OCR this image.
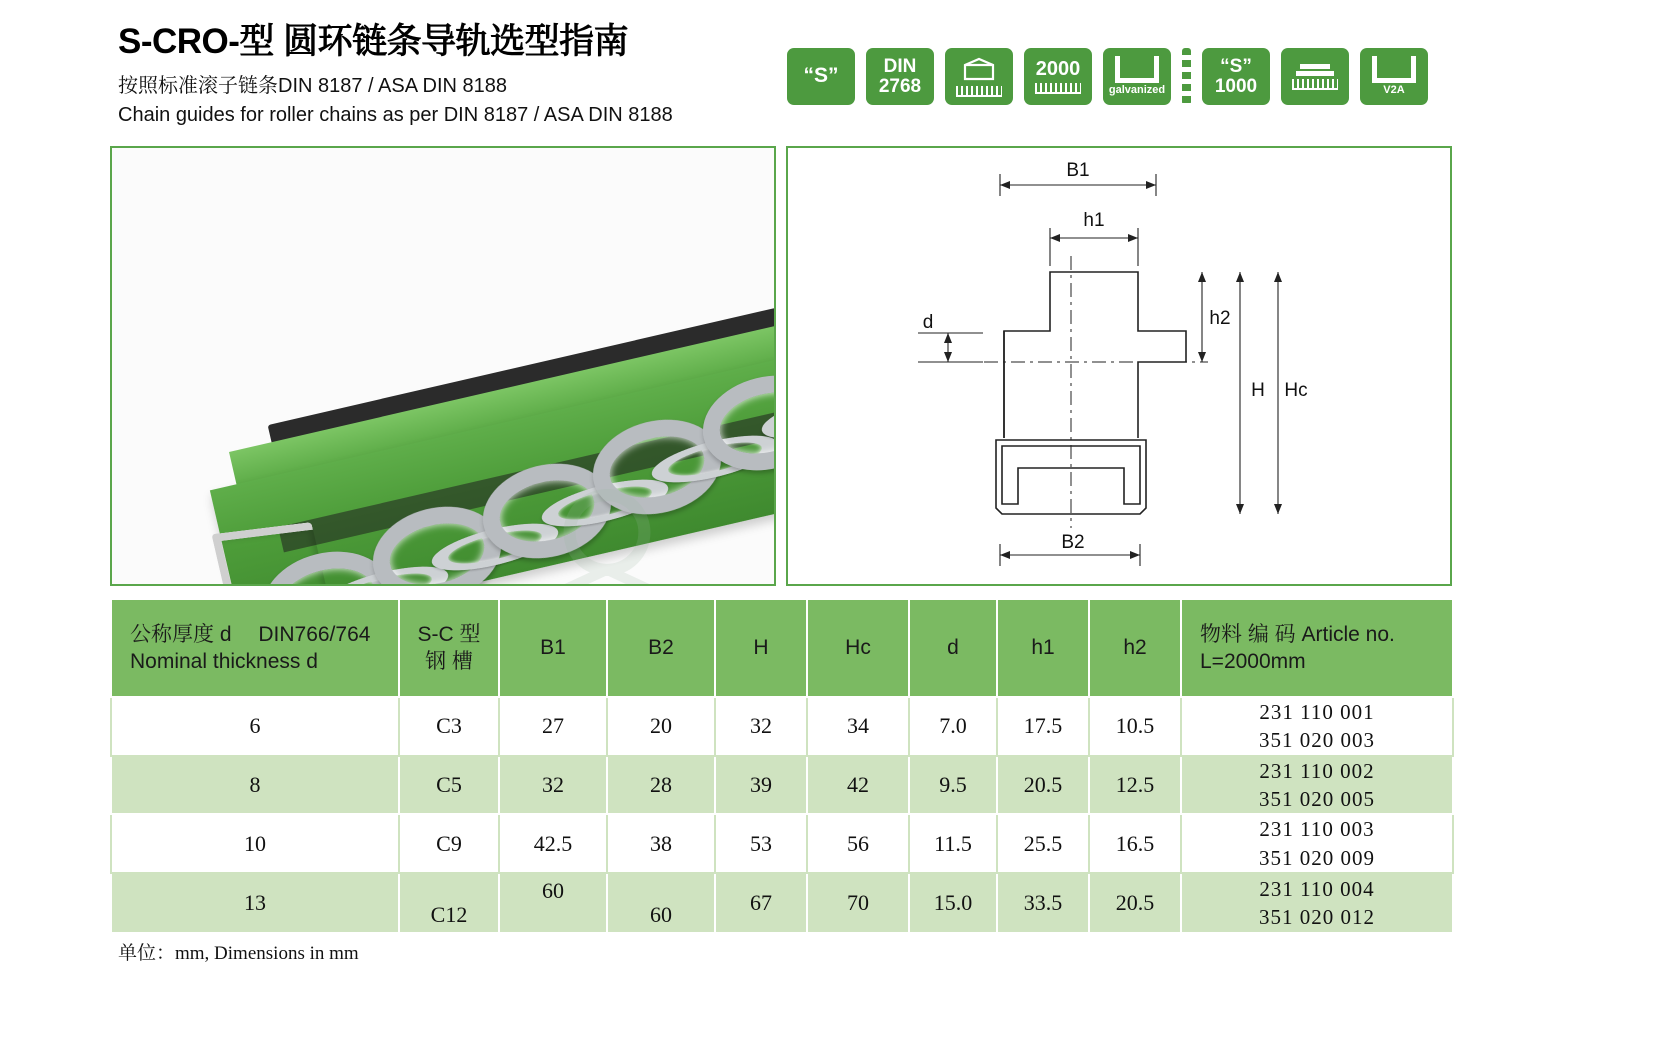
S-CRO-型 圆环链条导轨选型指南

按照标准滚子链条DIN 8187 / ASA DIN 8188

Chain guides for roller chains as per DIN 8187 / ASA DIN 8188

“S” DIN
2768
2000
galvanized
“S”
1000	V2A
B1
h1
h2
d
H Hc
B2
公称厚度 d　 DIN766/764
Nominal thickness d	S-C 型
钢 槽	B1	B2	H	Hc	d	h1	h2	物料 编 码 Article no.
L=2000mm

6	C3	27	20	32	34	7.0	17.5	10.5	231 110 001
351 020 003

8	C5	32	28	39	42	9.5	20.5	12.5	231 110 002
351 020 005

10	C9	42.5	38	53	56	11.5	25.5	16.5	231 110 003
351 020 009

13	C12	60	60	67	70	15.0	33.5	20.5	231 110 004
351 020 012
单位：mm, Dimensions in mm
